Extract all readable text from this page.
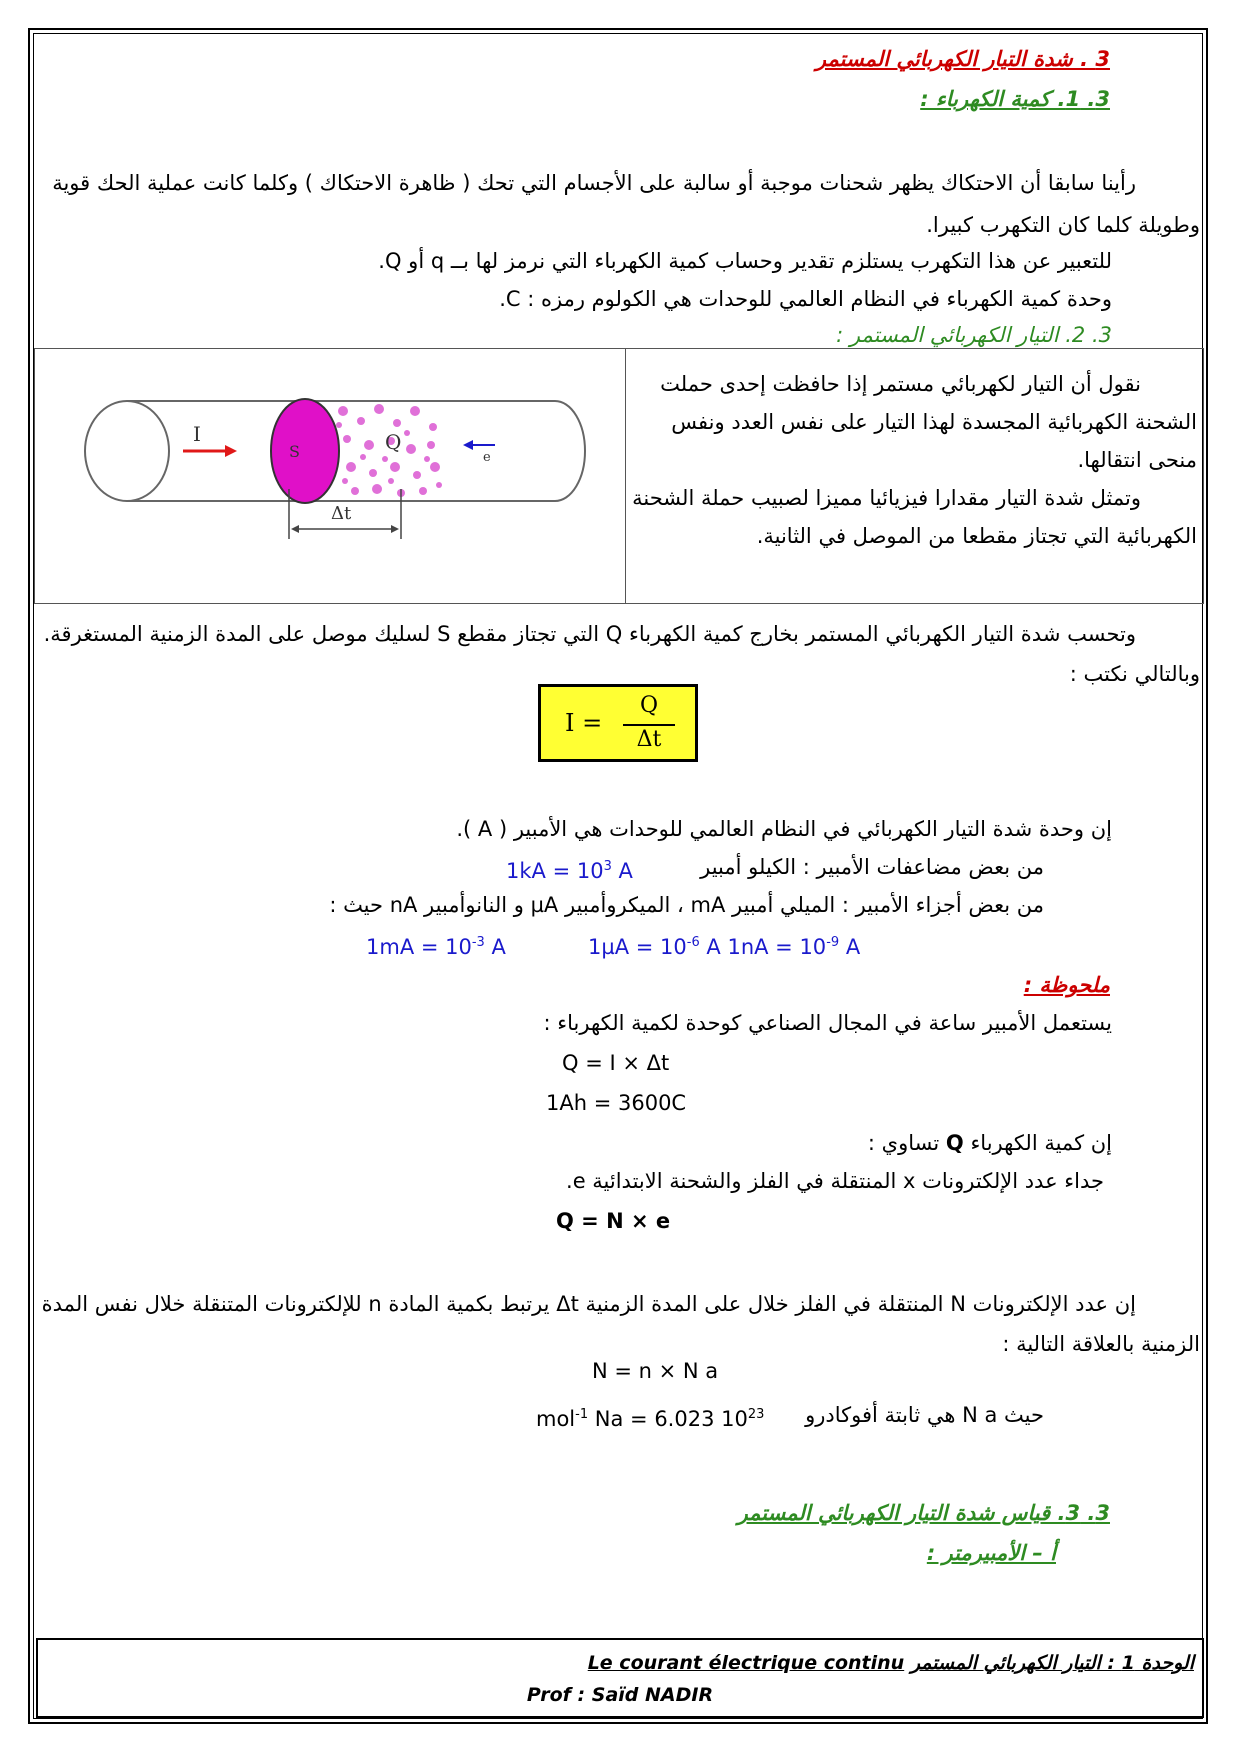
3 . شدة التيار الكهربائي المستمر
3. 1. كمية الكهرباء :
رأينا سابقا أن الاحتكاك يظهر شحنات موجبة أو سالبة على الأجسام التي تحك ( ظاهرة الاحتكاك ) وكلما كانت عملية الحك قوية وطويلة كلما كان التكهرب كبيرا.
للتعبير عن هذا التكهرب يستلزم تقدير وحساب كمية الكهرباء التي نرمز لها بــ q أو Q.
وحدة كمية الكهرباء في النظام العالمي للوحدات هي الكولوم رمزه : C.
3. 2. التيار الكهربائي المستمر :
S	Q
I
e
Δt

نقول أن التيار لكهربائي مستمر إذا حافظت إحدى حملت الشحنة الكهربائية المجسدة لهذا التيار على نفس العدد ونفس منحى انتقالها.
وتمثل شدة التيار مقدارا فيزيائيا مميزا لصبيب حملة الشحنة الكهربائية التي تجتاز مقطعا من الموصل في الثانية.
وتحسب شدة التيار الكهربائي المستمر بخارج كمية الكهرباء Q التي تجتاز مقطع S لسليك موصل على المدة الزمنية المستغرقة. وبالتالي نكتب :
I =
Q
Δt
إن وحدة شدة التيار الكهربائي في النظام العالمي للوحدات هي الأمبير ( A ).
من بعض مضاعفات الأمبير : الكيلو أمبير
$1kA = 10^3$ A
من بعض أجزاء الأمبير : الميلي أمبير mA ، الميكروأمبير µA و النانوأمبير nA حيث :
$1mA = 10^{-3}$ A	$1\mu A = 10^{-6}$ A $1nA = 10^{-9}$ A
ملحوظة :
يستعمل الأمبير ساعة في المجال الصناعي كوحدة لكمية الكهرباء :
Q = I × Δt
1Ah = 3600C
إن كمية الكهرباء Q تساوي :
جداء عدد الإلكترونات x المنتقلة في الفلز والشحنة الابتدائية e.
Q = N × e
إن عدد الإلكترونات N المنتقلة في الفلز خلال على المدة الزمنية Δt يرتبط بكمية المادة n للإلكترونات المتنقلة خلال نفس المدة الزمنية بالعلاقة التالية :
N = n × N a
حيث N a هي ثابتة أفوكادرو
mol$^{-1}$ Na = 6.023 $10^{23}$
3. 3. قياس شدة التيار الكهربائي المستمر
أ – الأمبيرمتر :
الوحدة 1 : التيار الكهربائي المستمر Le courant électrique continu
Prof : Saïd NADIR
